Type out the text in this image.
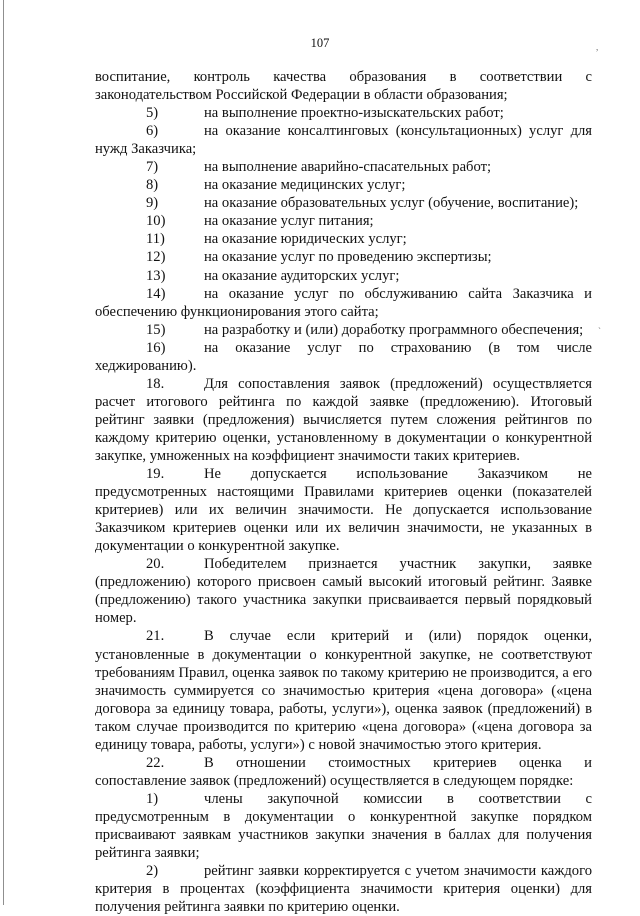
,
`
107

воспитание, контроль качества образования в соответствии с законодательством Российской Федерации в области образования;

5)	на выполнение проектно-изыскательских работ;

6)	на оказание консалтинговых (консультационных) услуг для нужд Заказчика;

7)	на выполнение аварийно-спасательных работ;

8)	на оказание медицинских услуг;

9)	на оказание образовательных услуг (обучение, воспитание);

10)	на оказание услуг питания;

11)	на оказание юридических услуг;

12)	на оказание услуг по проведению экспертизы;

13)	на оказание аудиторских услуг;

14)	на оказание услуг по обслуживанию сайта Заказчика и обеспечению функционирования этого сайта;

15)	на разработку и (или) доработку программного обеспечения;

16)	на оказание услуг по страхованию (в том числе хеджированию).

18.	Для сопоставления заявок (предложений) осуществляется расчет итогового рейтинга по каждой заявке (предложению). Итоговый рейтинг заявки (предложения) вычисляется путем сложения рейтингов по каждому критерию оценки, установленному в документации о конкурентной закупке, умноженных на коэффициент значимости таких критериев.

19.	Не допускается использование Заказчиком не предусмотренных настоящими Правилами критериев оценки (показателей критериев) или их величин значимости. Не допускается использование Заказчиком критериев оценки или их величин значимости, не указанных в документации о конкурентной закупке.

20.	Победителем признается участник закупки, заявке (предложению) которого присвоен самый высокий итоговый рейтинг. Заявке (предложению) такого участника закупки присваивается первый порядковый номер.

21.	В случае если критерий и (или) порядок оценки, установленные в документации о конкурентной закупке, не соответствуют требованиям Правил, оценка заявок по такому критерию не производится, а его значимость суммируется со значимостью критерия «цена договора» («цена договора за единицу товара, работы, услуги»), оценка заявок (предложений) в таком случае производится по критерию «цена договора» («цена договора за единицу товара, работы, услуги») с новой значимостью этого критерия.

22.	В отношении стоимостных критериев оценка и сопоставление заявок (предложений) осуществляется в следующем порядке:

1)	члены закупочной комиссии в соответствии с предусмотренным в документации о конкурентной закупке порядком присваивают заявкам участников закупки значения в баллах для получения рейтинга заявки;

2)	рейтинг заявки корректируется с учетом значимости каждого критерия в процентах (коэффициента значимости критерия оценки) для получения рейтинга заявки по критерию оценки.
